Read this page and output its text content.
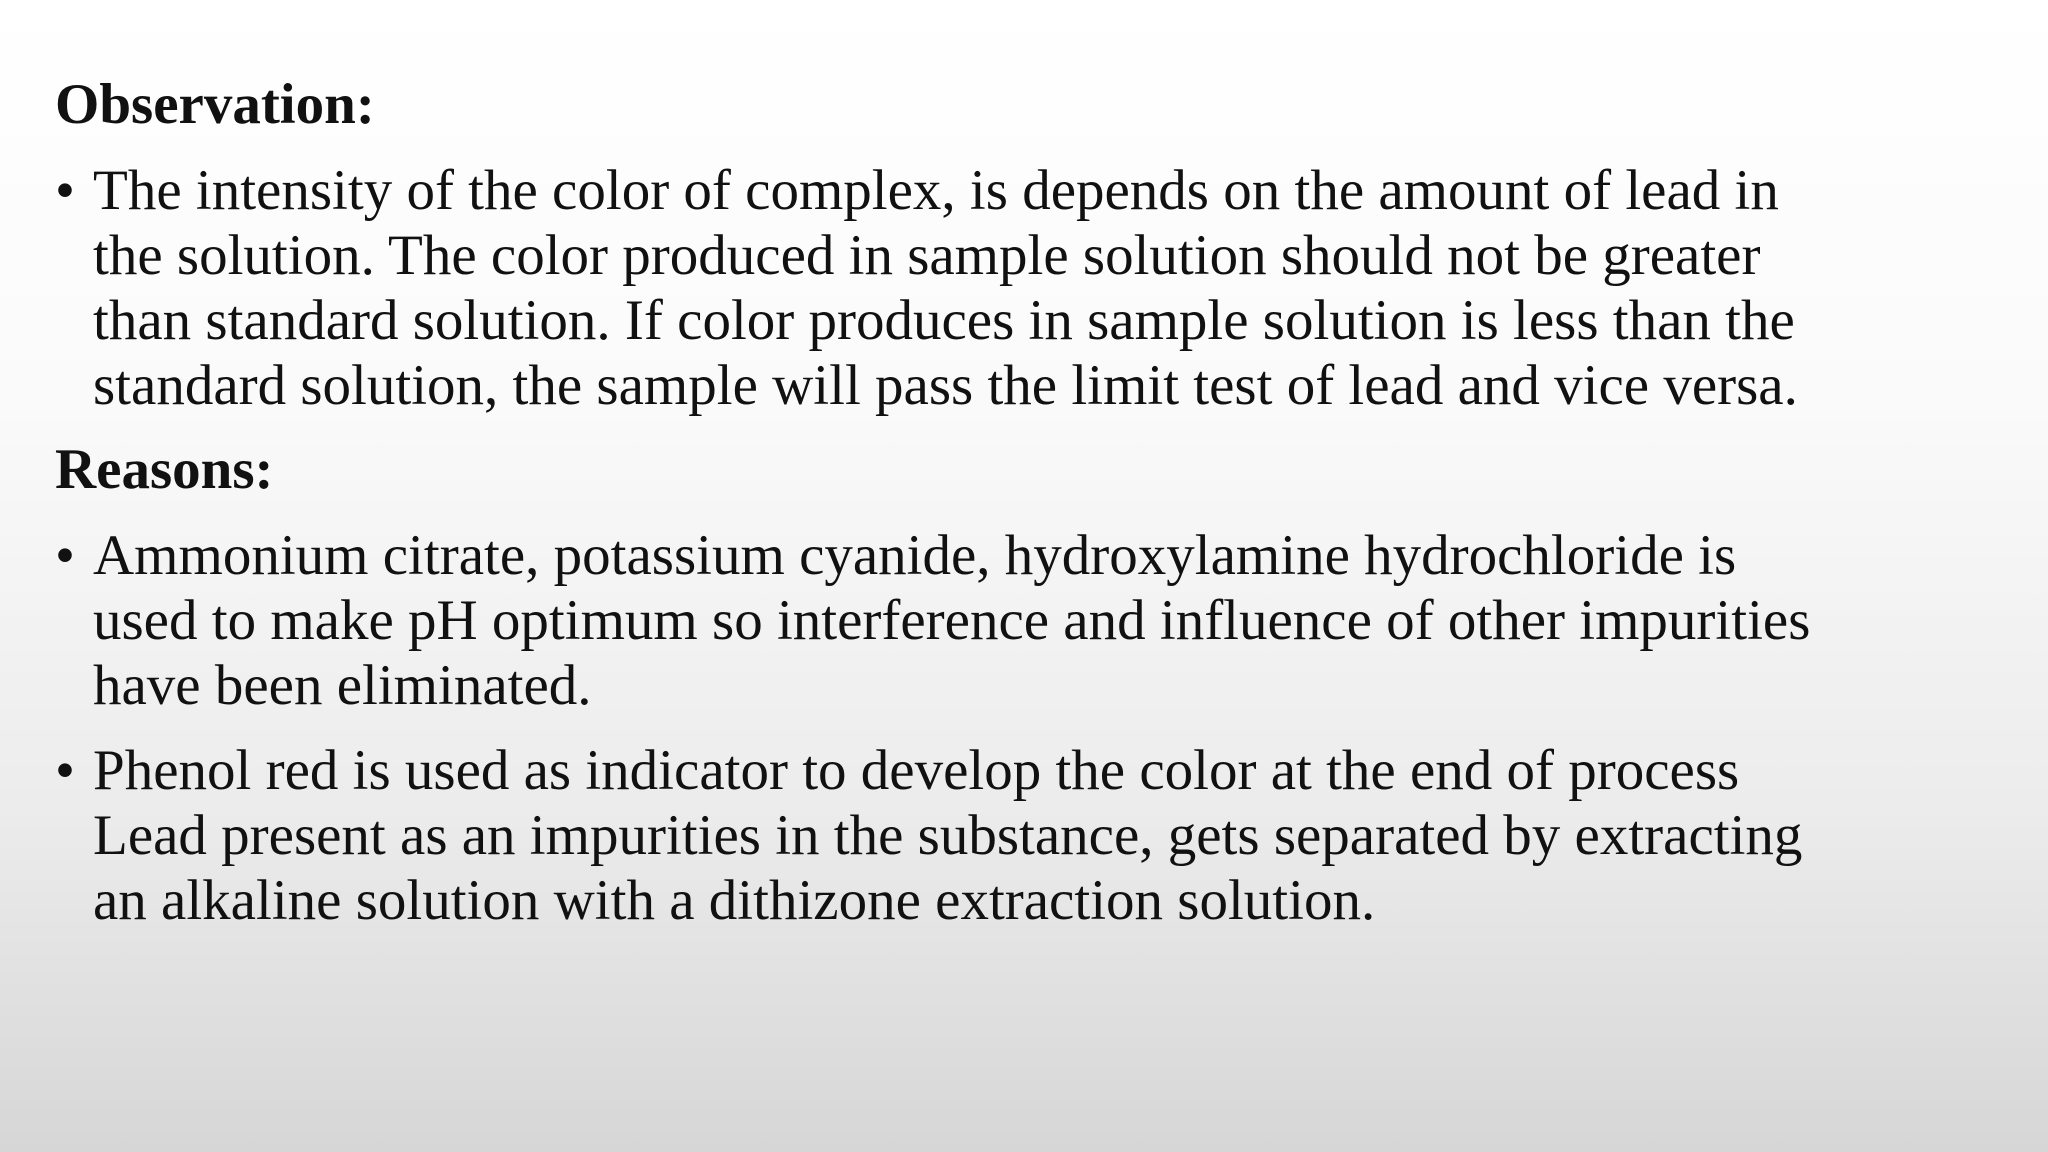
Observation:
• The intensity of the color of complex, is depends on the amount of lead in
the solution. The color produced in sample solution should not be greater
than standard solution. If color produces in sample solution is less than the
standard solution, the sample will pass the limit test of lead and vice versa.

Reasons:
• Ammonium citrate, potassium cyanide, hydroxylamine hydrochloride is
used to make pH optimum so interference and influence of other impurities
have been eliminated.

• Phenol red is used as indicator to develop the color at the end of process
Lead present as an impurities in the substance, gets separated by extracting
an alkaline solution with a dithizone extraction solution.
